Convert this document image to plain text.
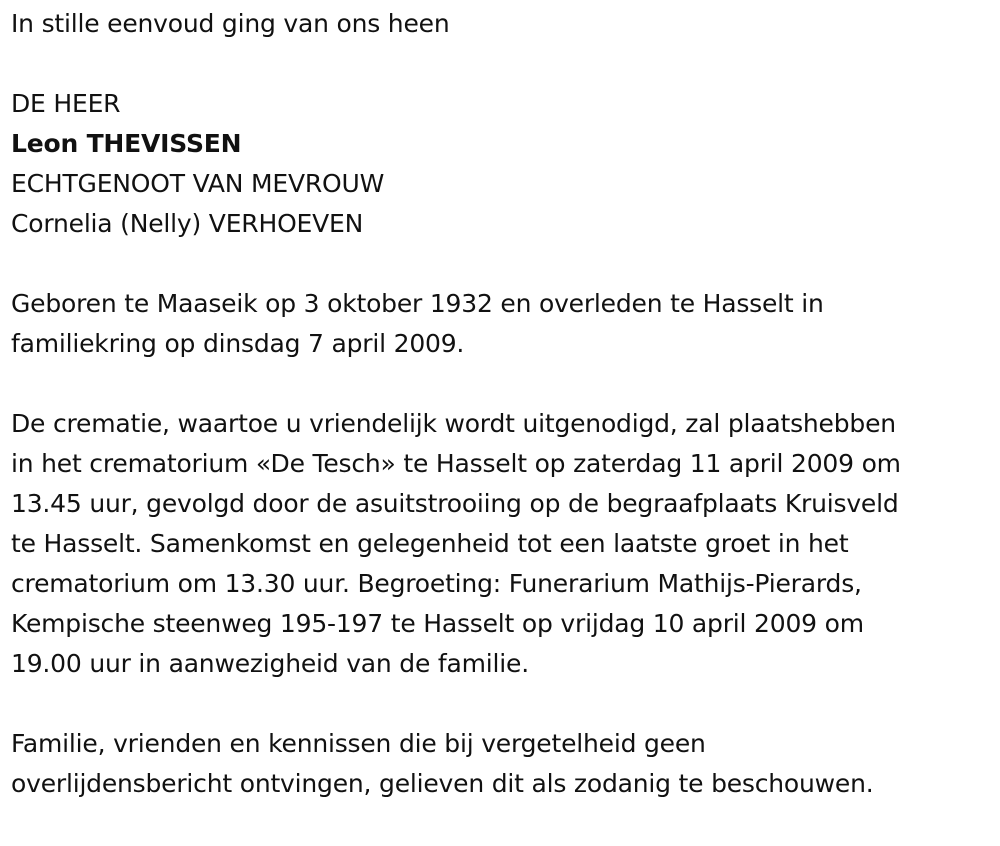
In stille eenvoud ging van ons heen
DE HEER
Leon THEVISSEN
ECHTGENOOT VAN MEVROUW
Cornelia (Nelly) VERHOEVEN
Geboren te Maaseik op 3 oktober 1932 en overleden te Hasselt in
familiekring op dinsdag 7 april 2009.
De crematie, waartoe u vriendelijk wordt uitgenodigd, zal plaatshebben
in het crematorium «De Tesch» te Hasselt op zaterdag 11 april 2009 om
13.45 uur, gevolgd door de asuitstrooiing op de begraafplaats Kruisveld
te Hasselt. Samenkomst en gelegenheid tot een laatste groet in het
crematorium om 13.30 uur. Begroeting: Funerarium Mathijs-Pierards,
Kempische steenweg 195-197 te Hasselt op vrijdag 10 april 2009 om
19.00 uur in aanwezigheid van de familie.
Familie, vrienden en kennissen die bij vergetelheid geen
overlijdensbericht ontvingen, gelieven dit als zodanig te beschouwen.
